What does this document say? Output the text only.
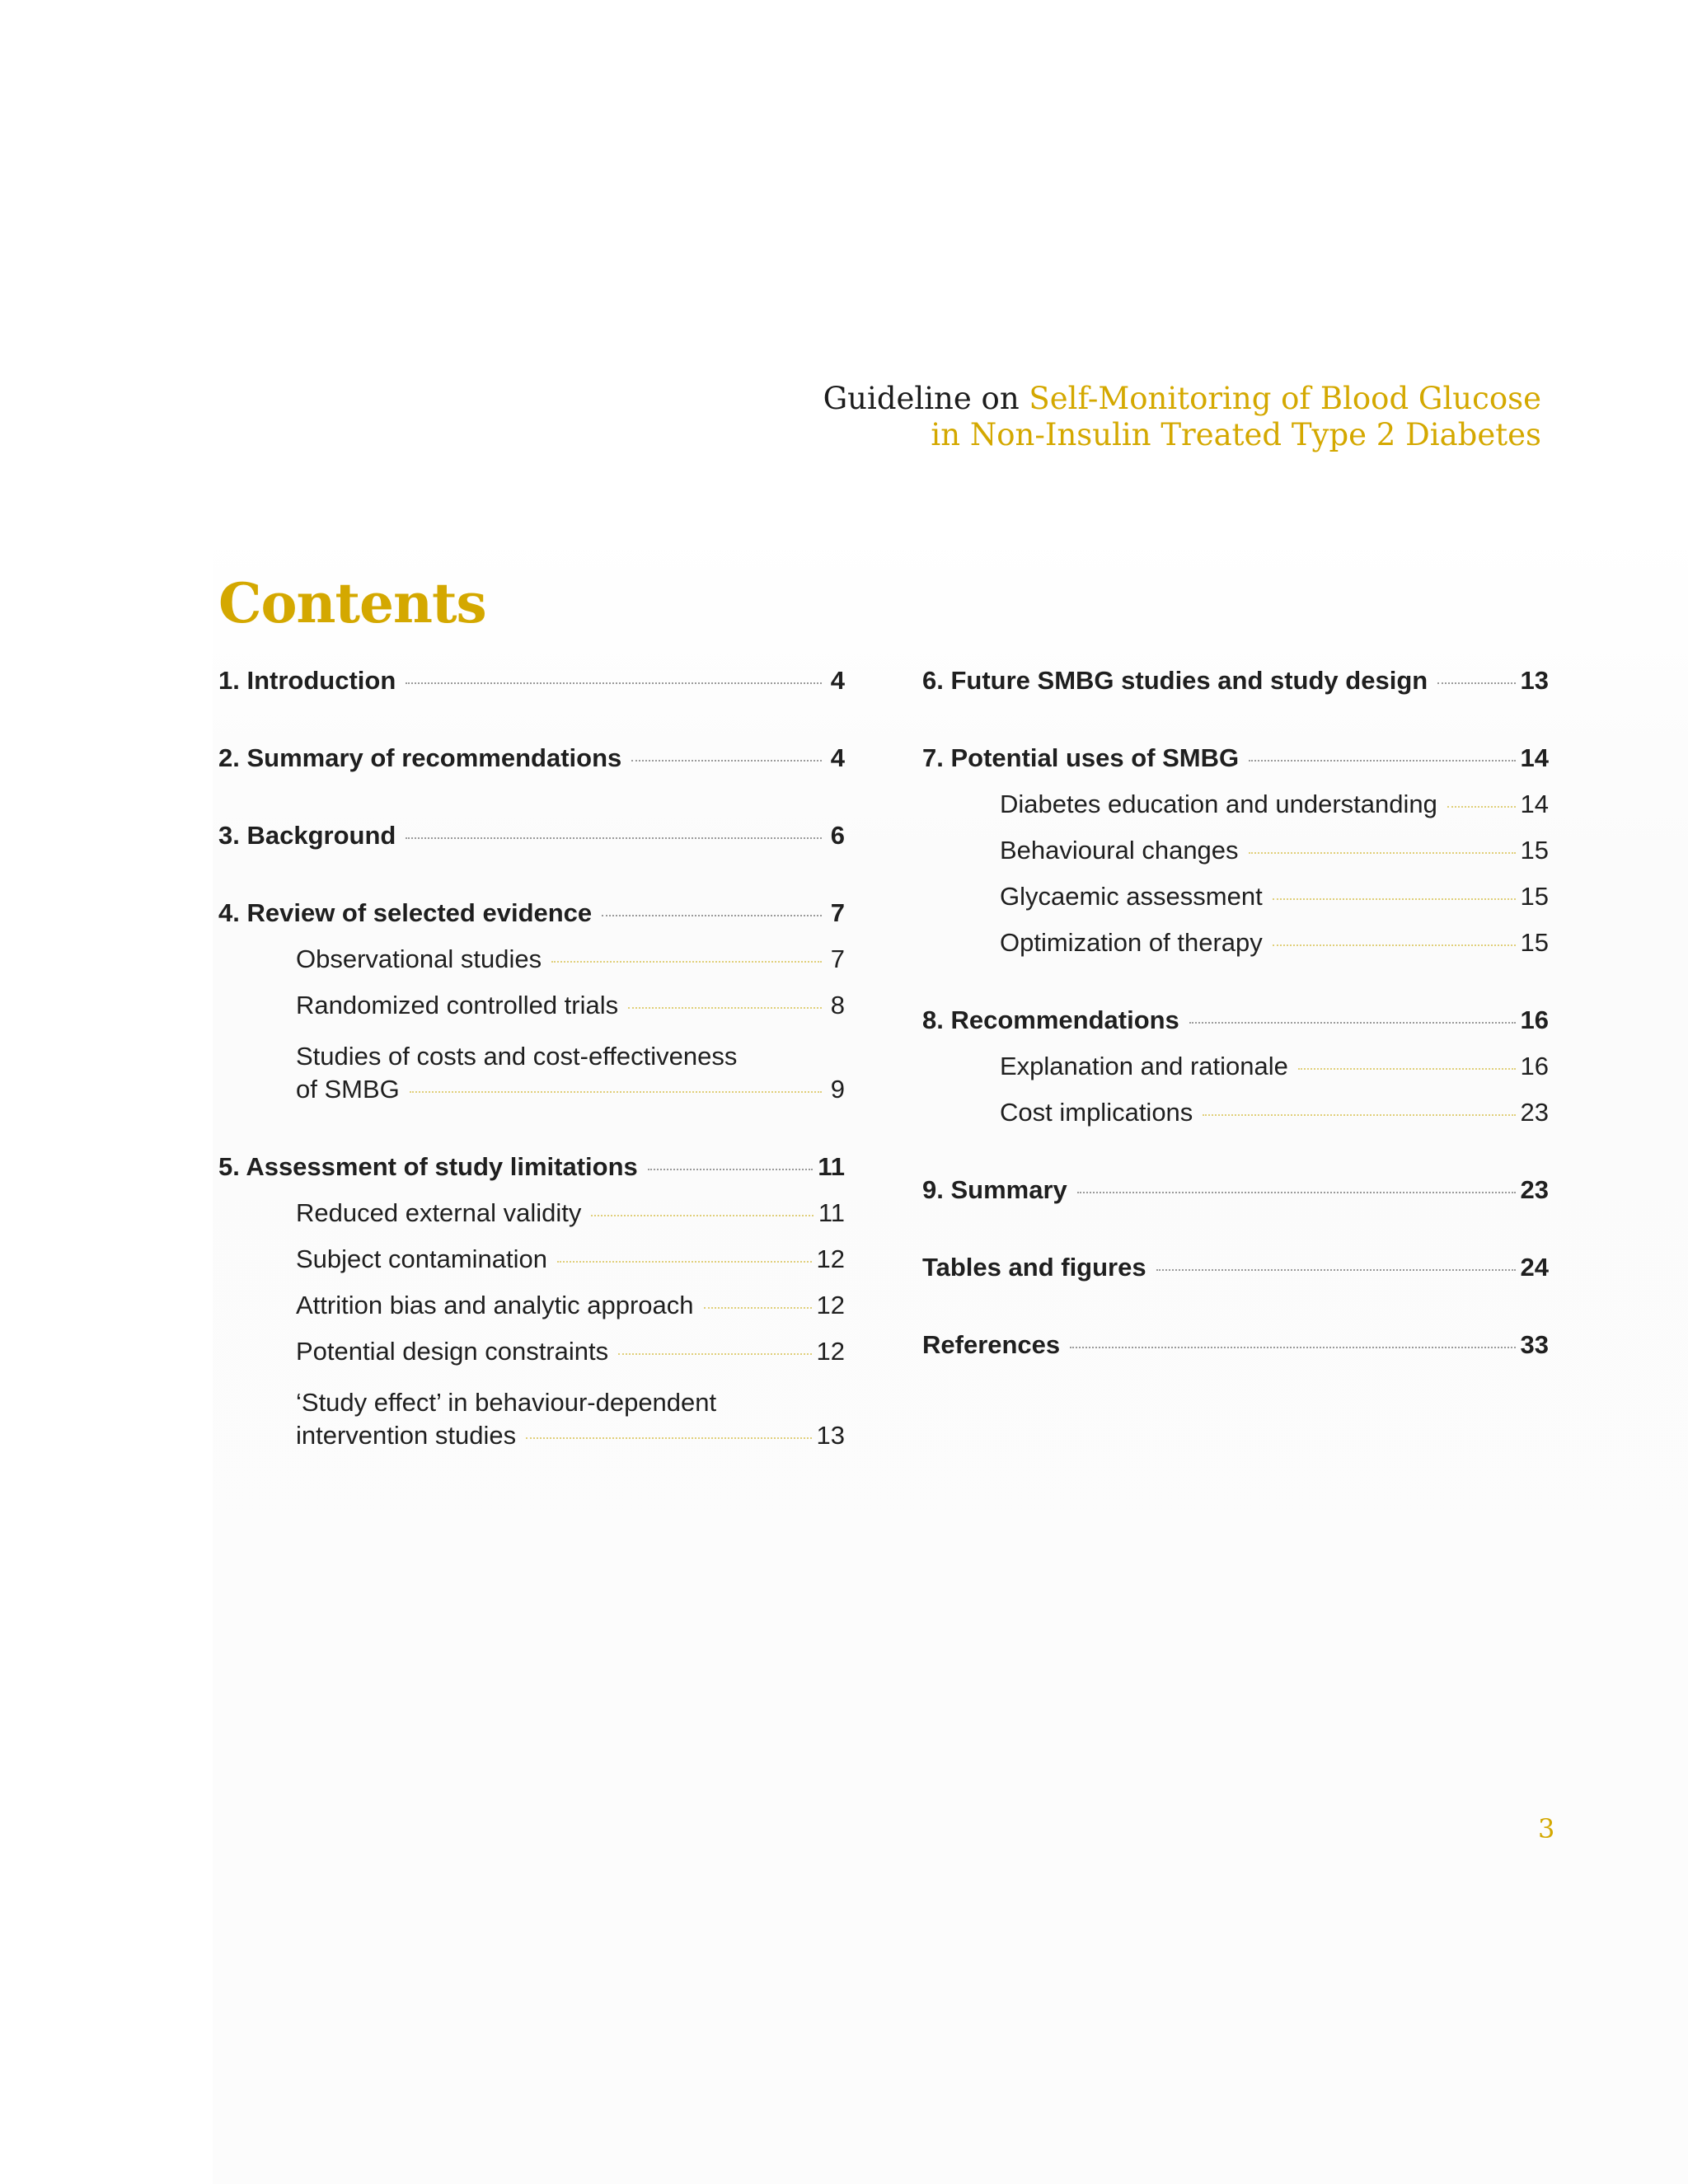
Guideline on Self-Monitoring of Blood Glucose
in Non-Insulin Treated Type 2 Diabetes
Contents
1. Introduction	4
2. Summary of recommendations	4
3. Background	6
4. Review of selected evidence	7
Observational studies	7
Randomized controlled trials	8
Studies of costs and cost-effectiveness
of SMBG	9
5. Assessment of study limitations	11
Reduced external validity	11
Subject contamination	12
Attrition bias and analytic approach	12
Potential design constraints	12
‘Study effect’ in behaviour-dependent
intervention studies	13
6. Future SMBG studies and study design	13
7. Potential uses of SMBG	14
Diabetes education and understanding	14
Behavioural changes	15
Glycaemic assessment	15
Optimization of therapy	15
8. Recommendations	16
Explanation and rationale	16
Cost implications	23
9. Summary	23
Tables and figures	24
References	33
3
